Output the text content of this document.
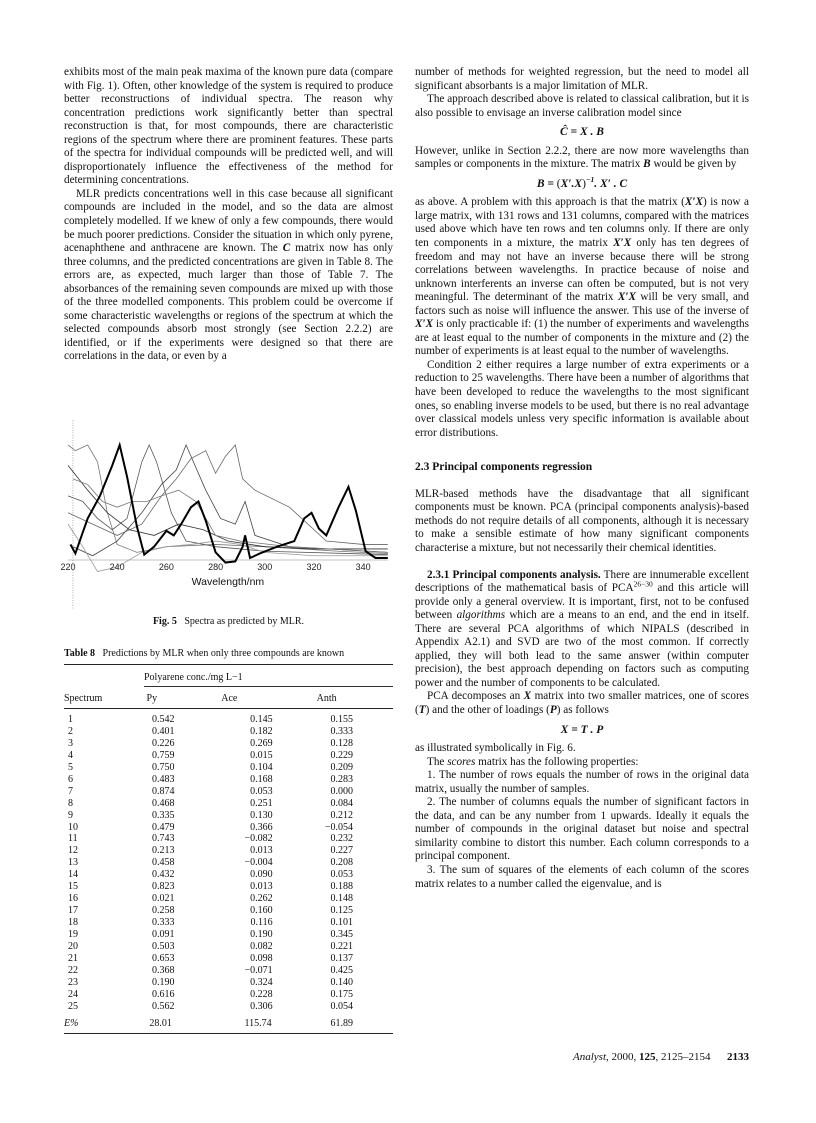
exhibits most of the main peak maxima of the known pure data (compare with Fig. 1). Often, other knowledge of the system is required to produce better reconstructions of individual spectra. The reason why concentration predictions work significantly better than spectral reconstruction is that, for most compounds, there are characteristic regions of the spectrum where there are prominent features. These parts of the spectra for individual compounds will be predicted well, and will disproportionately influence the effectiveness of the method for determining concentrations.

MLR predicts concentrations well in this case because all significant compounds are included in the model, and so the data are almost completely modelled. If we knew of only a few compounds, there would be much poorer predictions. Consider the situation in which only pyrene, acenaphthene and anthracene are known. The C matrix now has only three columns, and the predicted concentrations are given in Table 8. The errors are, as expected, much larger than those of Table 7. The absorbances of the remaining seven compounds are mixed up with those of the three modelled components. This problem could be overcome if some characteristic wavelengths or regions of the spectrum at which the selected compounds absorb most strongly (see Section 2.2.2) are identified, or if the experiments were designed so that there are correlations in the data, or even by a

220	240	260	280	300	320	340
Wavelength/nm
Fig. 5 Spectra as predicted by MLR.
Table 8 Predictions by MLR when only three compounds are known
Polyarene conc./mg L−1
Spectrum	Py	Ace	Anth
1	0.542	0.145	0.155
2	0.401	0.182	0.333
3	0.226	0.269	0.128
4	0.759	0.015	0.229
5	0.750	0.104	0.209
6	0.483	0.168	0.283
7	0.874	0.053	0.000
8	0.468	0.251	0.084
9	0.335	0.130	0.212
10	0.479	0.366	−0.054
11	0.743	−0.082	0.232
12	0.213	0.013	0.227
13	0.458	−0.004	0.208
14	0.432	0.090	0.053
15	0.823	0.013	0.188
16	0.021	0.262	0.148
17	0.258	0.160	0.125
18	0.333	0.116	0.101
19	0.091	0.190	0.345
20	0.503	0.082	0.221
21	0.653	0.098	0.137
22	0.368	−0.071	0.425
23	0.190	0.324	0.140
24	0.616	0.228	0.175
25	0.562	0.306	0.054
E%	28.01	115.74	61.89

number of methods for weighted regression, but the need to model all significant absorbants is a major limitation of MLR.

The approach described above is related to classical calibration, but it is also possible to envisage an inverse calibration model since

Ĉ = X . B

However, unlike in Section 2.2.2, there are now more wavelengths than samples or components in the mixture. The matrix B would be given by

$B = (X'.X)^{-1}$. X′ . C

as above. A problem with this approach is that the matrix (X′X) is now a large matrix, with 131 rows and 131 columns, compared with the matrices used above which have ten rows and ten columns only. If there are only ten components in a mixture, the matrix X′X only has ten degrees of freedom and may not have an inverse because there will be strong correlations between wavelengths. In practice because of noise and unknown interferents an inverse can often be computed, but is not very meaningful. The determinant of the matrix X′X will be very small, and factors such as noise will influence the answer. This use of the inverse of X′X is only practicable if: (1) the number of experiments and wavelengths are at least equal to the number of components in the mixture and (2) the number of experiments is at least equal to the number of wavelengths.

Condition 2 either requires a large number of extra experiments or a reduction to 25 wavelengths. There have been a number of algorithms that have been developed to reduce the wavelengths to the most significant ones, so enabling inverse models to be used, but there is no real advantage over classical models unless very specific information is available about error distributions.

2.3 Principal components regression

MLR-based methods have the disadvantage that all significant components must be known. PCA (principal components analysis)-based methods do not require details of all components, although it is necessary to make a sensible estimate of how many significant components characterise a mixture, but not necessarily their chemical identities.

2.3.1 Principal components analysis. There are innumerable excellent descriptions of the mathematical basis of $PCA^{26-30}$ and this article will provide only a general overview. It is important, first, not to be confused between algorithms which are a means to an end, and the end in itself. There are several PCA algorithms of which NIPALS (described in Appendix A2.1) and SVD are two of the most common. If correctly applied, they will both lead to the same answer (within computer precision), the best approach depending on factors such as computing power and the number of components to be calculated.

PCA decomposes an X matrix into two smaller matrices, one of scores (T) and the other of loadings (P) as follows

X = T . P

as illustrated symbolically in Fig. 6.

The scores matrix has the following properties:

1. The number of rows equals the number of rows in the original data matrix, usually the number of samples.

2. The number of columns equals the number of significant factors in the data, and can be any number from 1 upwards. Ideally it equals the number of compounds in the original dataset but noise and spectral similarity combine to distort this number. Each column corresponds to a principal component.

3. The sum of squares of the elements of each column of the scores matrix relates to a number called the eigenvalue, and is

Analyst, 2000, 125, 2125–2154 2133
